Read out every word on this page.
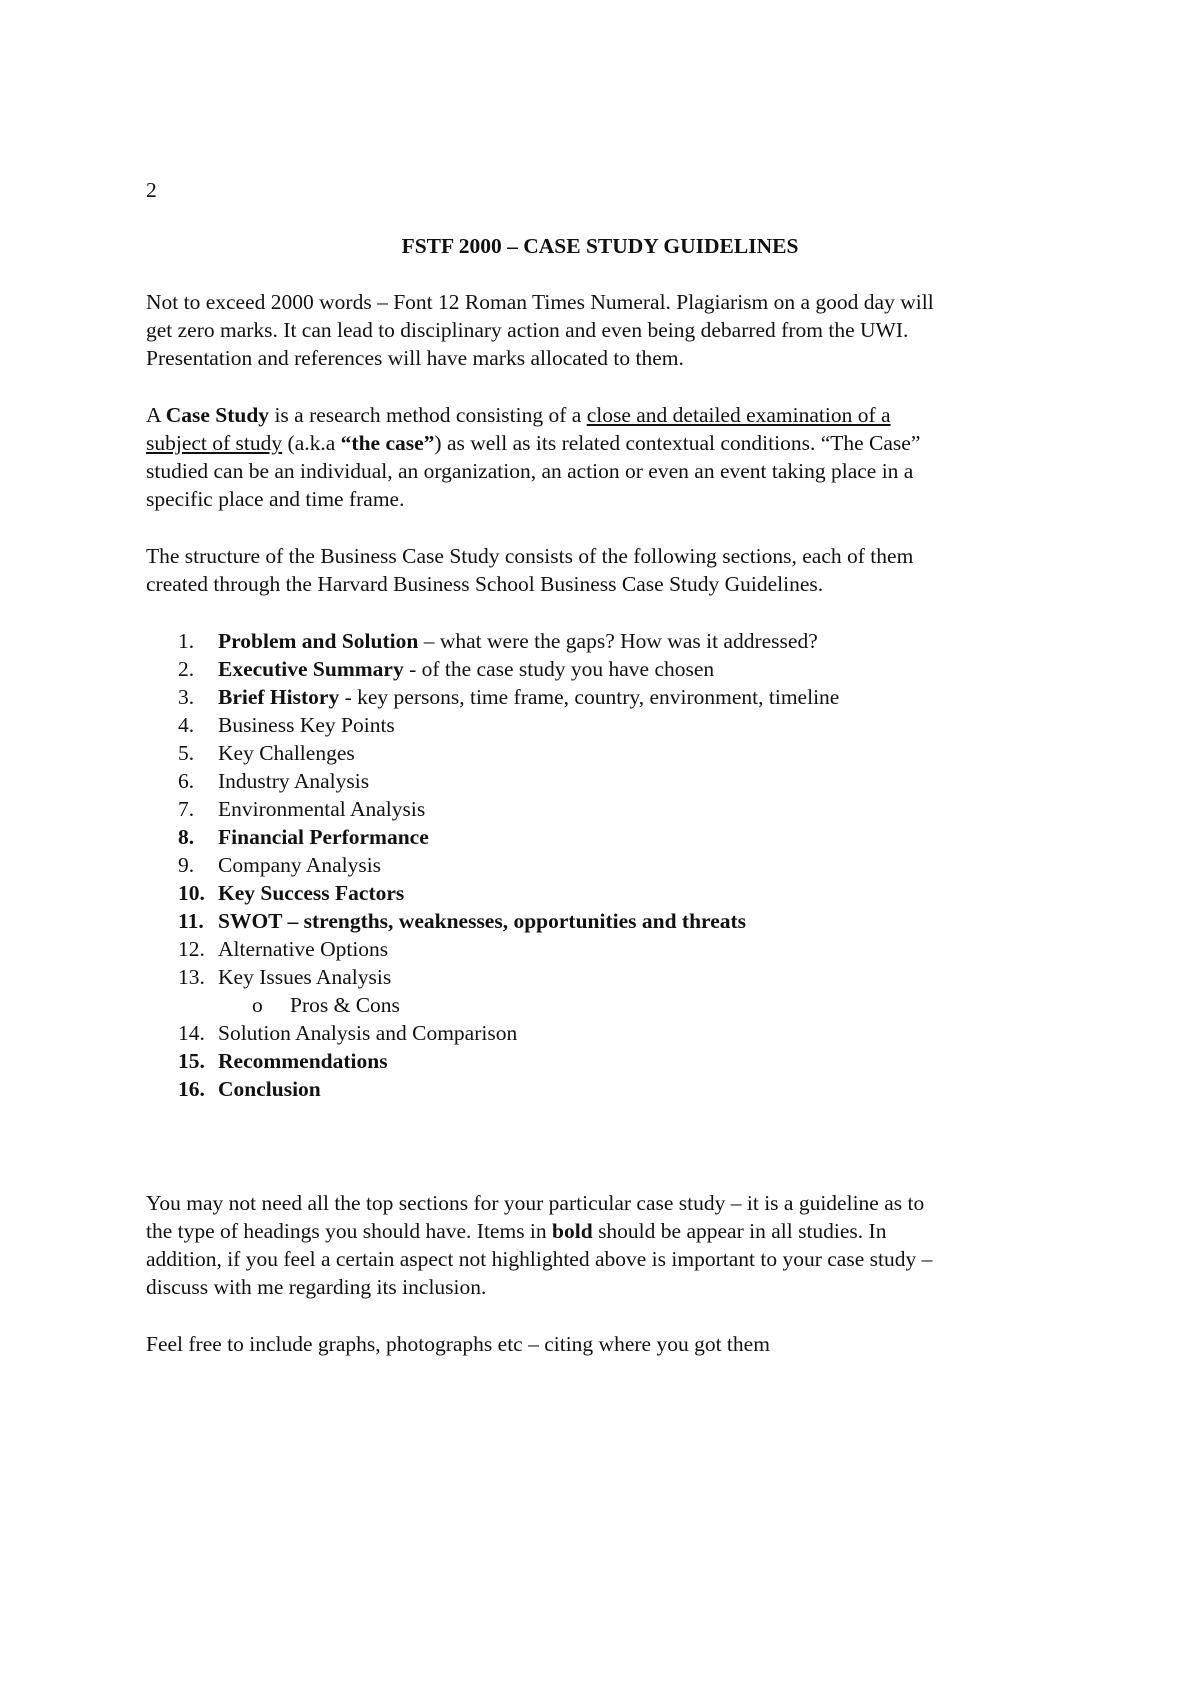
2
FSTF 2000 – CASE STUDY GUIDELINES
Not to exceed 2000 words – Font 12 Roman Times Numeral. Plagiarism on a good day will
get zero marks. It can lead to disciplinary action and even being debarred from the UWI.
Presentation and references will have marks allocated to them.
A Case Study is a research method consisting of a close and detailed examination of a
subject of study (a.k.a “the case”) as well as its related contextual conditions. “The Case”
studied can be an individual, an organization, an action or even an event taking place in a
specific place and time frame.
The structure of the Business Case Study consists of the following sections, each of them
created through the Harvard Business School Business Case Study Guidelines.
1.	Problem and Solution – what were the gaps? How was it addressed?
2.	Executive Summary - of the case study you have chosen
3.	Brief History - key persons, time frame, country, environment, timeline
4.	Business Key Points
5.	Key Challenges
6.	Industry Analysis
7.	Environmental Analysis
8.	Financial Performance
9.	Company Analysis
10. Key Success Factors
11. SWOT – strengths, weaknesses, opportunities and threats
12. Alternative Options
13. Key Issues Analysis
o Pros & Cons
14. Solution Analysis and Comparison
15. Recommendations
16. Conclusion
You may not need all the top sections for your particular case study – it is a guideline as to
the type of headings you should have. Items in bold should be appear in all studies. In
addition, if you feel a certain aspect not highlighted above is important to your case study –
discuss with me regarding its inclusion.
Feel free to include graphs, photographs etc – citing where you got them
